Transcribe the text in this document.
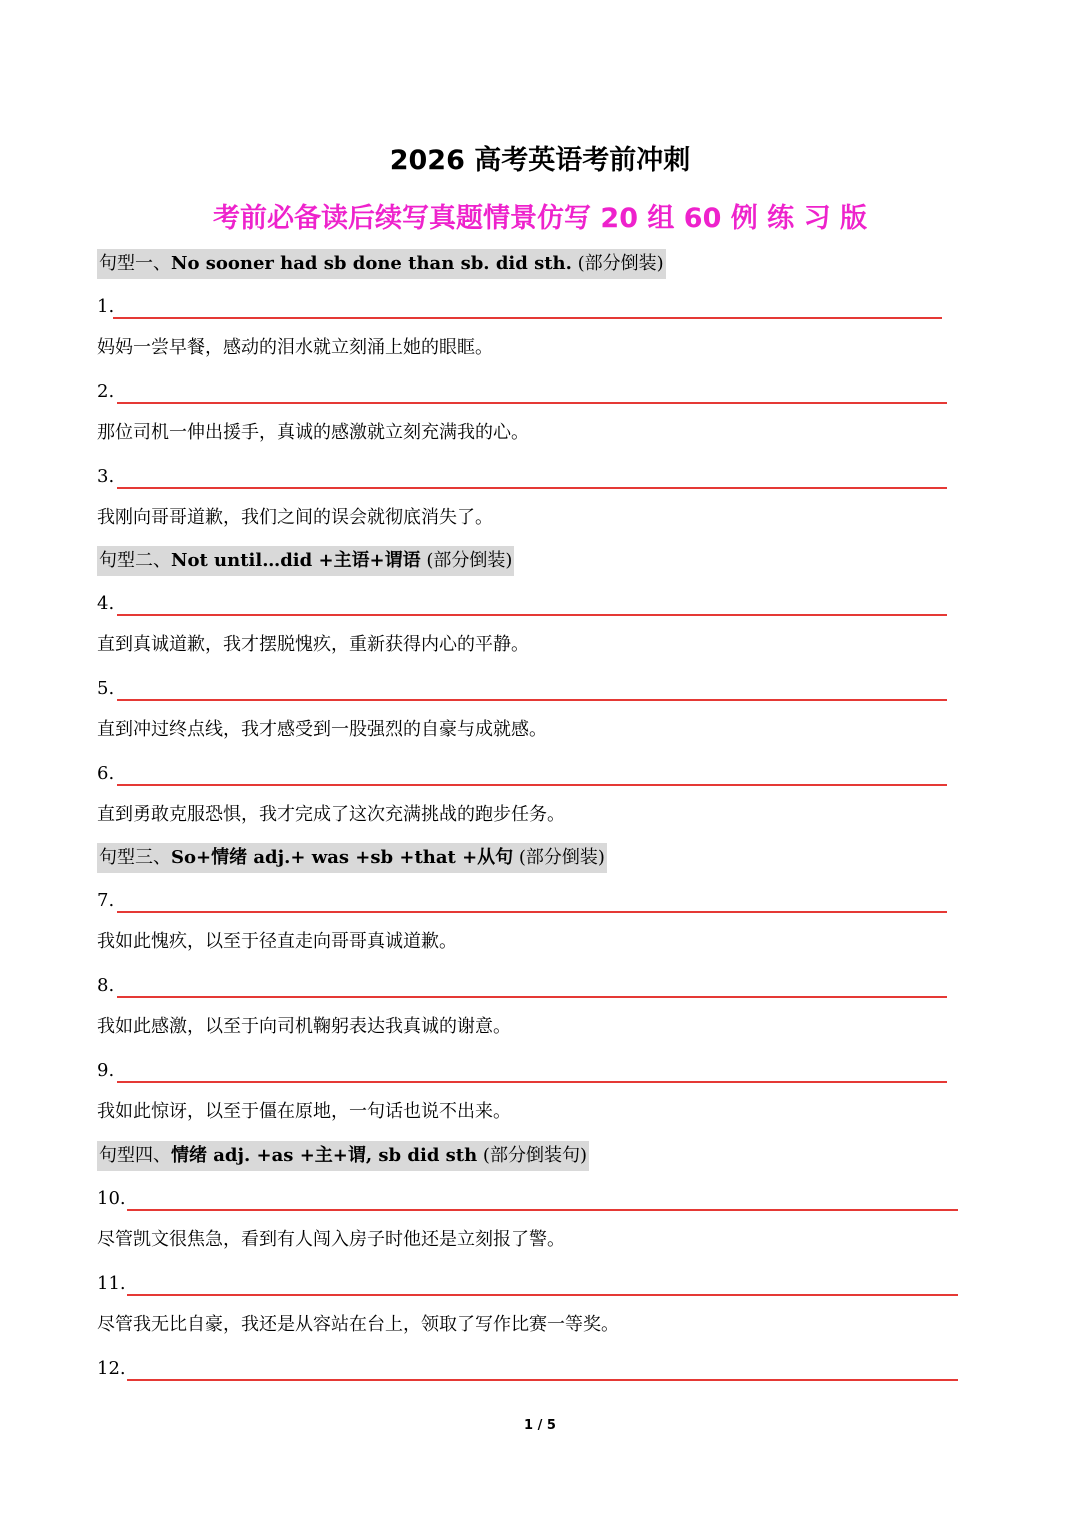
2026 高考英语考前冲刺
考前必备读后续写真题情景仿写 20 组 60 例 练 习 版
句型一、No sooner had sb done than sb. did sth. (部分倒装)
1.
妈妈一尝早餐，感动的泪水就立刻涌上她的眼眶。
2.
那位司机一伸出援手，真诚的感激就立刻充满我的心。
3.
我刚向哥哥道歉，我们之间的误会就彻底消失了。
句型二、Not until…did +主语+谓语 (部分倒装)
4.
直到真诚道歉，我才摆脱愧疚，重新获得内心的平静。
5.
直到冲过终点线，我才感受到一股强烈的自豪与成就感。
6.
直到勇敢克服恐惧，我才完成了这次充满挑战的跑步任务。
句型三、So+情绪 adj.+ was +sb +that +从句 (部分倒装)
7.
我如此愧疚，以至于径直走向哥哥真诚道歉。
8.
我如此感激，以至于向司机鞠躬表达我真诚的谢意。
9.
我如此惊讶，以至于僵在原地，一句话也说不出来。
句型四、情绪 adj. +as +主+谓, sb did sth (部分倒装句)
10.
尽管凯文很焦急，看到有人闯入房子时他还是立刻报了警。
11.
尽管我无比自豪，我还是从容站在台上，领取了写作比赛一等奖。
12.
1 / 5
